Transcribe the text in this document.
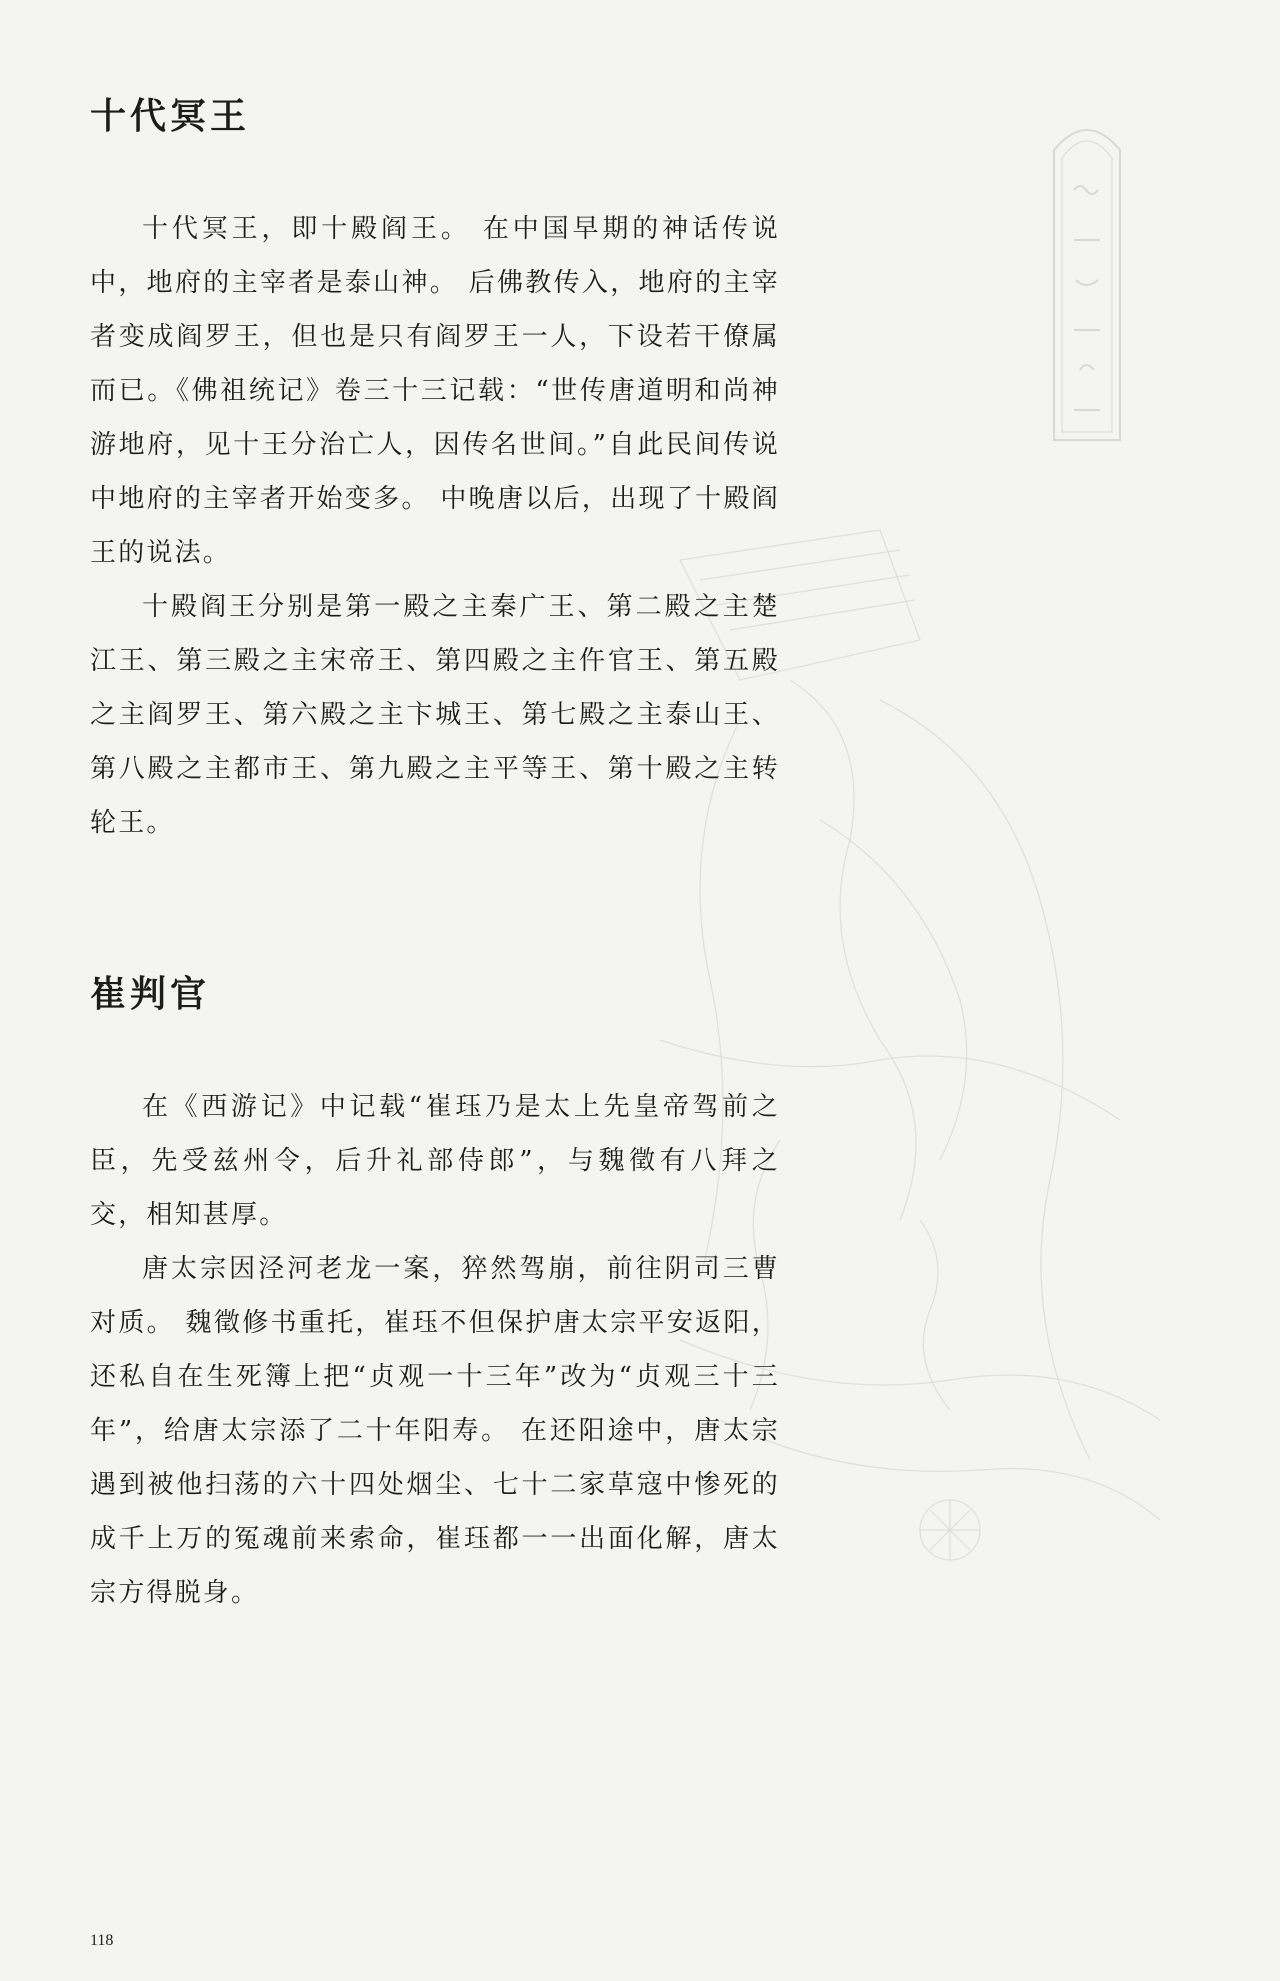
十代冥王

十代冥王，即十殿阎王。 在中国早期的神话传说中，地府的主宰者是泰山神。 后佛教传入，地府的主宰者变成阎罗王，但也是只有阎罗王一人，下设若干僚属而已。《佛祖统记》卷三十三记载：“世传唐道明和尚神游地府，见十王分治亡人，因传名世间。”自此民间传说中地府的主宰者开始变多。 中晚唐以后，出现了十殿阎王的说法。

十殿阎王分别是第一殿之主秦广王、第二殿之主楚江王、第三殿之主宋帝王、第四殿之主仵官王、第五殿之主阎罗王、第六殿之主卞城王、第七殿之主泰山王、第八殿之主都市王、第九殿之主平等王、第十殿之主转轮王。

崔判官

在《西游记》中记载“崔珏乃是太上先皇帝驾前之臣，先受兹州令，后升礼部侍郎”，与魏徵有八拜之交，相知甚厚。

唐太宗因泾河老龙一案，猝然驾崩，前往阴司三曹对质。 魏徵修书重托，崔珏不但保护唐太宗平安返阳，还私自在生死簿上把“贞观一十三年”改为“贞观三十三年”，给唐太宗添了二十年阳寿。 在还阳途中，唐太宗遇到被他扫荡的六十四处烟尘、七十二家草寇中惨死的成千上万的冤魂前来索命，崔珏都一一出面化解，唐太宗方得脱身。

118
